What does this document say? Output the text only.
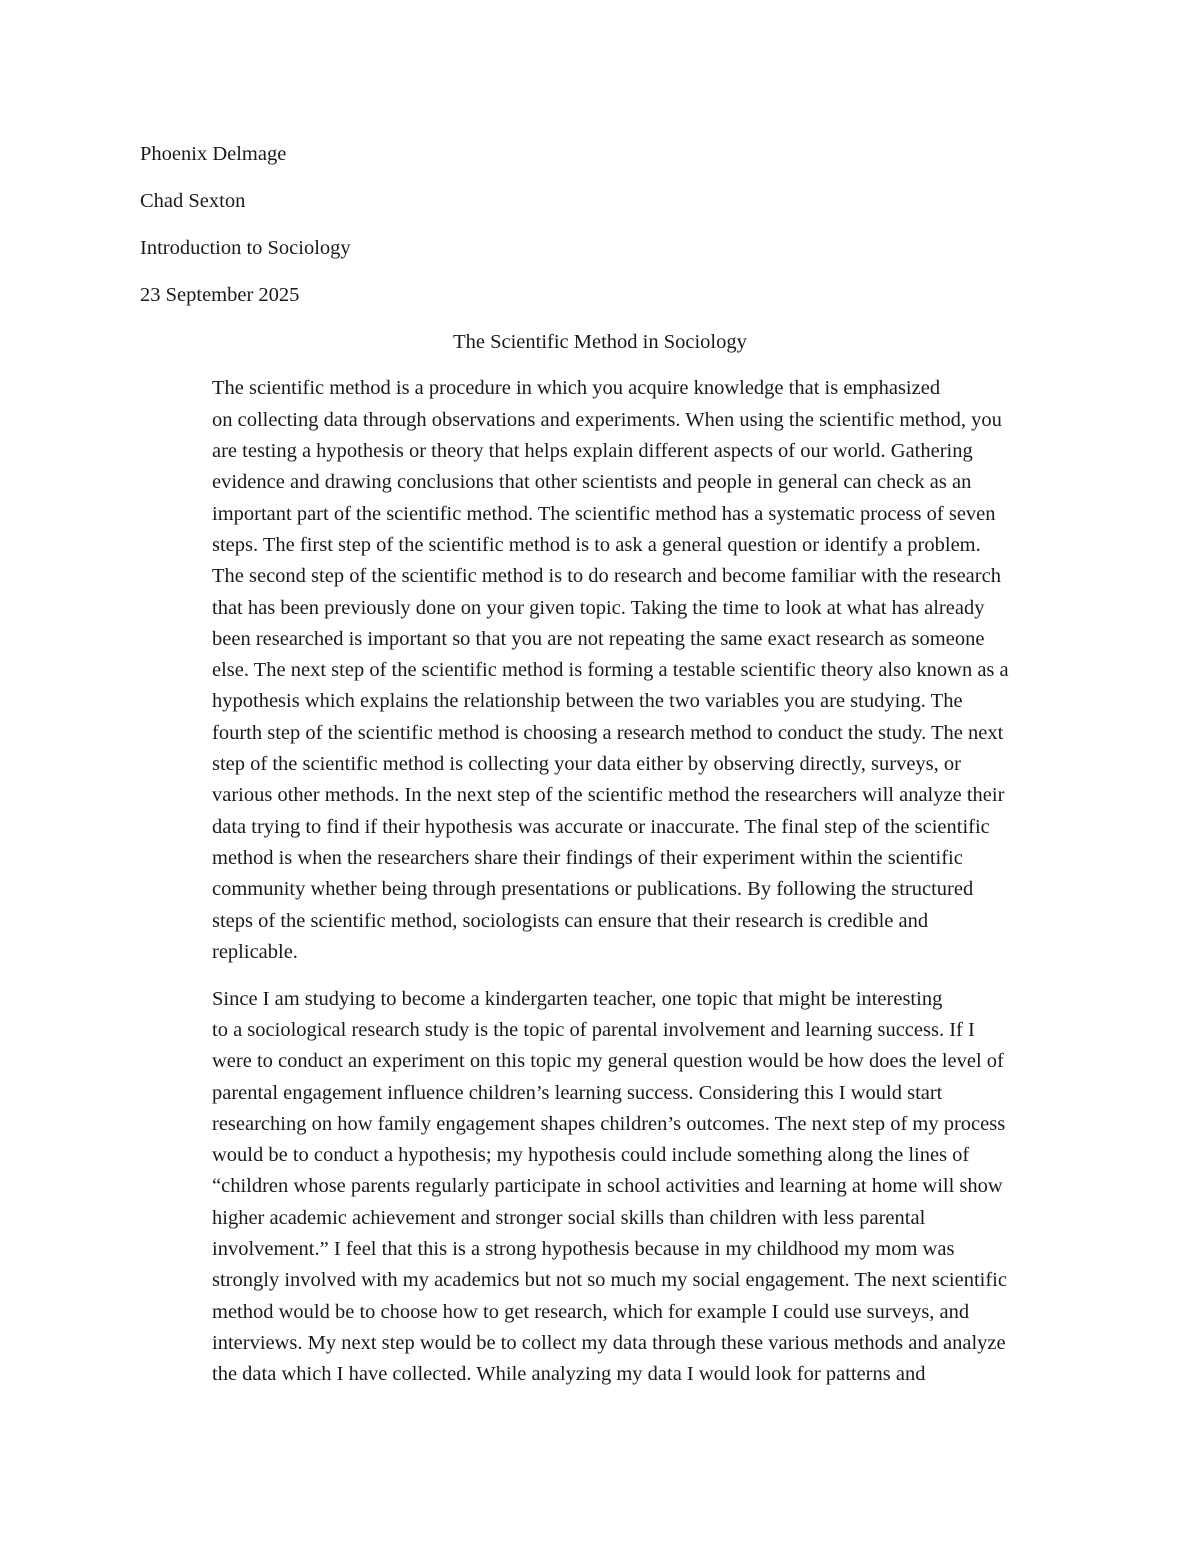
Phoenix Delmage
Chad Sexton
Introduction to Sociology
23 September 2025
The Scientific Method in Sociology
The scientific method is a procedure in which you acquire knowledge that is emphasized
on collecting data through observations and experiments. When using the scientific method, you
are testing a hypothesis or theory that helps explain different aspects of our world. Gathering
evidence and drawing conclusions that other scientists and people in general can check as an
important part of the scientific method. The scientific method has a systematic process of seven
steps. The first step of the scientific method is to ask a general question or identify a problem.
The second step of the scientific method is to do research and become familiar with the research
that has been previously done on your given topic. Taking the time to look at what has already
been researched is important so that you are not repeating the same exact research as someone
else. The next step of the scientific method is forming a testable scientific theory also known as a
hypothesis which explains the relationship between the two variables you are studying. The
fourth step of the scientific method is choosing a research method to conduct the study. The next
step of the scientific method is collecting your data either by observing directly, surveys, or
various other methods. In the next step of the scientific method the researchers will analyze their
data trying to find if their hypothesis was accurate or inaccurate. The final step of the scientific
method is when the researchers share their findings of their experiment within the scientific
community whether being through presentations or publications. By following the structured
steps of the scientific method, sociologists can ensure that their research is credible and
replicable.
Since I am studying to become a kindergarten teacher, one topic that might be interesting
to a sociological research study is the topic of parental involvement and learning success. If I
were to conduct an experiment on this topic my general question would be how does the level of
parental engagement influence children’s learning success. Considering this I would start
researching on how family engagement shapes children’s outcomes. The next step of my process
would be to conduct a hypothesis; my hypothesis could include something along the lines of
“children whose parents regularly participate in school activities and learning at home will show
higher academic achievement and stronger social skills than children with less parental
involvement.” I feel that this is a strong hypothesis because in my childhood my mom was
strongly involved with my academics but not so much my social engagement. The next scientific
method would be to choose how to get research, which for example I could use surveys, and
interviews. My next step would be to collect my data through these various methods and analyze
the data which I have collected. While analyzing my data I would look for patterns and
